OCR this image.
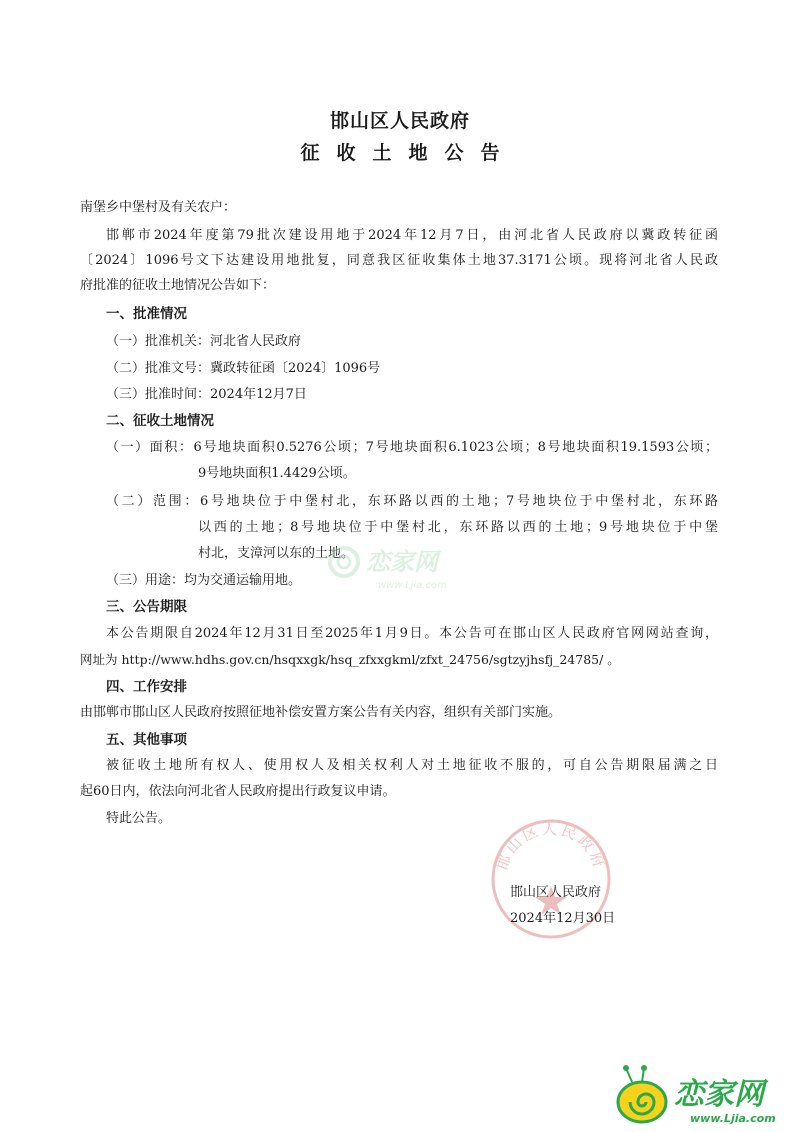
邯山区人民政府
征收土地公告
南堡乡中堡村及有关农户：
邯郸市2024年度第79批次建设用地于2024年12月7日，由河北省人民政府以冀政转征函
〔2024〕1096号文下达建设用地批复，同意我区征收集体土地37.3171公顷。现将河北省人民政
府批准的征收土地情况公告如下：
一、批准情况
（一）批准机关：河北省人民政府
（二）批准文号：冀政转征函〔2024〕1096号
（三）批准时间：2024年12月7日
二、征收土地情况
（一）面积：6号地块面积0.5276公顷；7号地块面积6.1023公顷；8号地块面积19.1593公顷；
9号地块面积1.4429公顷。
（二）范围：6号地块位于中堡村北，东环路以西的土地；7号地块位于中堡村北，东环路
以西的土地；8号地块位于中堡村北，东环路以西的土地；9号地块位于中堡
村北，支漳河以东的土地。
（三）用途：均为交通运输用地。
三、公告期限
本公告期限自2024年12月31日至2025年1月9日。本公告可在邯山区人民政府官网网站查询，
网址为 http://www.hdhs.gov.cn/hsqxxgk/hsq_zfxxgkml/zfxt_24756/sgtzyjhsfj_24785/ 。
四、工作安排
由邯郸市邯山区人民政府按照征地补偿安置方案公告有关内容，组织有关部门实施。
五、其他事项
被征收土地所有权人、使用权人及相关权利人对土地征收不服的，可自公告期限届满之日
起60日内，依法向河北省人民政府提出行政复议申请。
特此公告。
邯山区人民政府
邯山区人民政府
2024年12月30日
恋家网
www.Ljia.com
恋家网
www.Ljia.com
